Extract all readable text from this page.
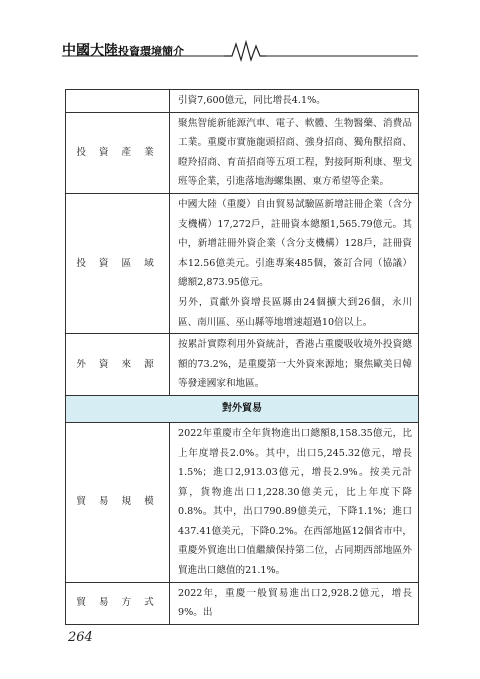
中國大陸投資環境簡介

	引資7,600億元，同比增長4.1%。

投資產業	聚焦智能新能源汽車、電子、軟體、生物醫藥、消費品工業。重慶市實施龍頭招商、強身招商、獨角獸招商、瞪羚招商、育苗招商等五項工程，對接阿斯利康、聖戈班等企業，引進落地海螺集團、東方希望等企業。

投資區域	中國大陸（重慶）自由貿易試驗區新增註冊企業（含分支機構）17,272戶，註冊資本總額1,565.79億元。其中，新增註冊外資企業（含分支機構）128戶，註冊資本12.56億美元。引進專案485個，簽訂合同（協議）總額2,873.95億元。

另外，貢獻外資增長區縣由24個擴大到26個，永川區、南川區、巫山縣等地增速超過10倍以上。

外資來源	按累計實際利用外資統計，香港占重慶吸收境外投資總額的73.2%，是重慶第一大外資來源地；聚焦歐美日韓等發達國家和地區。

對外貿易	
貿易規模	2022年重慶市全年貨物進出口總額8,158.35億元，比上年度增長2.0%。其中，出口5,245.32億元，增長1.5%；進口2,913.03億元，增長2.9%。按美元計算，貨物進出口1,228.30億美元，比上年度下降0.8%。其中，出口790.89億美元，下降1.1%；進口437.41億美元，下降0.2%。在西部地區12個省市中，重慶外貿進出口值繼續保持第二位，占同期西部地區外貿進出口總值的21.1%。

貿易方式	2022年，重慶一般貿易進出口2,928.2億元，增長9%。出

264
